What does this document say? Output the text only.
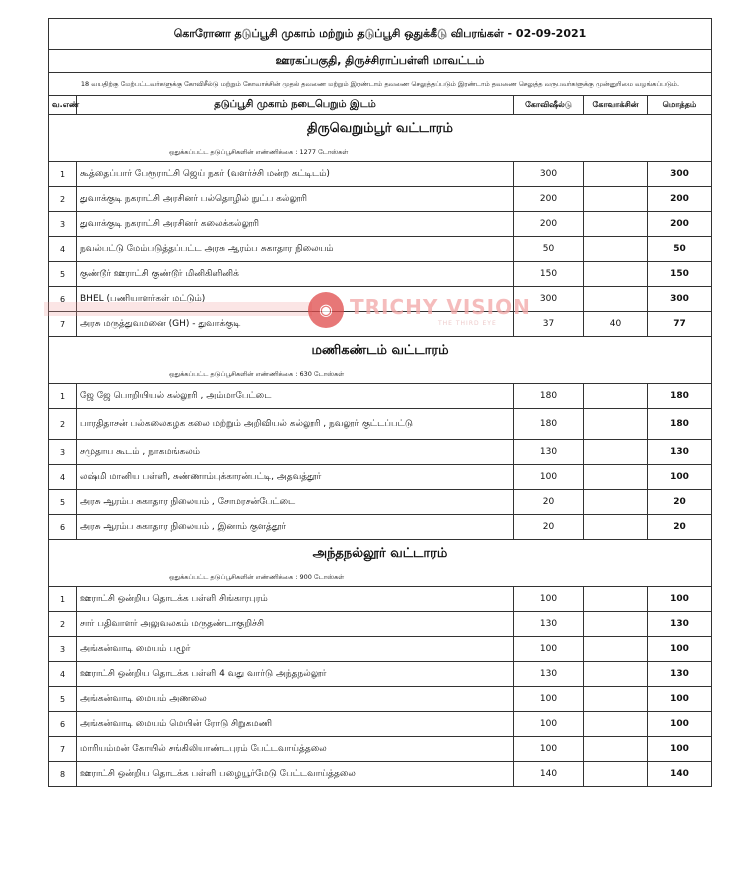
கொரோனா தடுப்பூசி முகாம் மற்றும் தடுப்பூசி ஒதுக்கீடு விபரங்கள் - 02-09-2021				
ஊரகப்பகுதி, திருச்சிராப்பள்ளி மாவட்டம்				
18 வயதிற்கு மேற்பட்டவர்களுக்கு கோவிசீல்டு மற்றும் கோவாக்சின் முதல் தவணை மற்றும் இரண்டாம் தவணை செலுத்தப்படும் இரண்டாம் தவணை செலுத்த வருபவர்களுக்கு முன்னுரிமை வழங்கப்படும்.				
வ.எண்	தடுப்பூசி முகாம் நடைபெறும் இடம்	கோவிஷீல்டு	கோவாக்சின்	மொத்தம்
திருவெறும்பூர் வட்டாரம்				
ஒதுக்கப்பட்ட தடுப்பூசிகளின் எண்ணிக்கை : 1277 டோஸ்கள்				
1	கூத்தைப்பார் பேரூராட்சி ஜெய் நகர் (வளர்ச்சி மன்ற கட்டிடம்)	300		300
2	துவாக்குடி நகராட்சி அரசினர் பல்தொழில் நுட்ப கல்லூரி	200		200
3	துவாக்குடி நகராட்சி அரசினர் கலைக்கல்லூரி	200		200
4	நவல்பட்டு மேம்படுத்தப்பட்ட அரசு ஆரம்ப சுகாதார நிலையம்	50		50
5	குண்டூர் ஊராட்சி குண்டூர் மினிகிளினிக்	150		150
6	BHEL (பணியாளர்கள் மட்டும்)	300		300
7	அரசு மருத்துவமனை (GH) - துவாக்குடி	37	40	77
மணிகண்டம் வட்டாரம்				
ஒதுக்கப்பட்ட தடுப்பூசிகளின் எண்ணிக்கை : 630 டோஸ்கள்				
1	ஜே ஜே பொறியியல் கல்லூரி , அம்மாபேட்டை	180		180
2	பாரதிதாசன் பல்கலைகழக கலை மற்றும் அறிவியல் கல்லூரி , நவலூர் குட்டப்பட்டு	180		180
3	சமுதாய கூடம் , நாகமங்கலம்	130		130
4	லஷ்மி மானிய பள்ளி, சுண்ணாம்புக்காரன்பட்டி, அதவத்தூர்	100		100
5	அரசு ஆரம்ப சுகாதார நிலையம் , சோமரசன்பேட்டை	20		20
6	அரசு ஆரம்ப சுகாதார நிலையம் , இனாம் குளத்தூர்	20		20
அந்தநல்லூர் வட்டாரம்				
ஒதுக்கப்பட்ட தடுப்பூசிகளின் எண்ணிக்கை : 900 டோஸ்கள்				
1	ஊராட்சி ஒன்றிய தொடக்க பள்ளி சிங்காரபுரம்	100		100
2	சார் பதிவாளர் அலுவலகம் மருதண்டாகுறிச்சி	130		130
3	அங்கன்வாடி மையம் பழூர்	100		100
4	ஊராட்சி ஒன்றிய தொடக்க பள்ளி 4 வது வார்டு அந்தநல்லூர்	130		130
5	அங்கன்வாடி மையம் அணலை	100		100
6	அங்கன்வாடி மையம் மெயின் ரோடு சிறுகமணி	100		100
7	மாரியம்மன் கோயில் சங்கிலியாண்டபுரம் பேட்டவாய்த்தலை	100		100
8	ஊராட்சி ஒன்றிய தொடக்க பள்ளி பழையூர்மேடு பேட்டவாய்த்தலை	140		140
◉ TRICHY VISION
THE THIRD EYE
